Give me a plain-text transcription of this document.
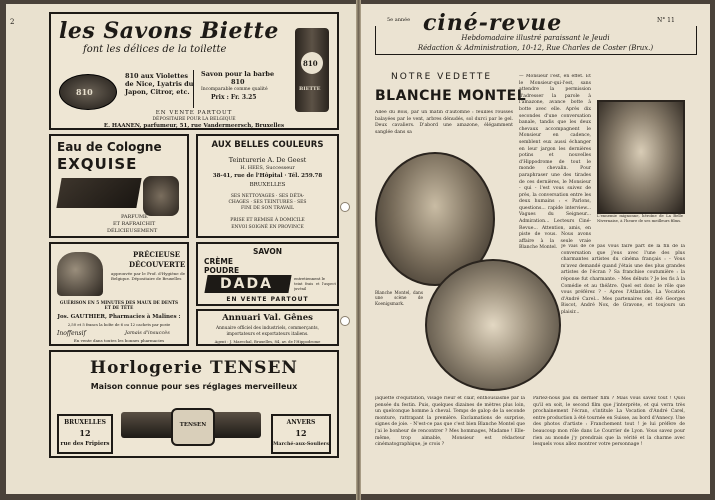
2 les Savons Biette
font les délices de la toilette
810
810 aux Violettes
de Nice, Lyatris du
Japon, Citror, etc.
Savon pour la barbe
810
Incomparable comme qualité
Prix : Fr. 3.25
810
BIETTE
EN VENTE PARTOUT
DÉPOSITAIRE POUR LA BELGIQUE
E. HAANEN, parfumeur, 51, rue Vandermeersch, Bruxelles
Eau de Cologne
EXQUISE
PARFUME
ET RAFRAICHIT
DÉLICIEUSEMENT
AUX BELLES COULEURS
Teinturerie A. De Geest
H. HEES, Successeur
38-41, rue de l'Hôpital · Tél. 259.78
BRUXELLES
SES NETTOYAGES · SES DÉTA-
CHAGES · SES TEINTURES · SES
FINI DE SON TRAVAIL
PRISE ET REMISE À DOMICILE
ENVOI SOIGNÉ EN PROVINCE
PRÉCIEUSE
DÉCOUVERTE
approuvée par le Prof. d'Hygiène de Belgique. Dépositaire de Bruxelles
GUÉRISON EN 5 MINUTES DES MAUX DE DENTS ET DE TÊTE
Jos. GAUTHIER, Pharmacies à Malines :
2,50 et 5 francs la boîte de 6 ou 12 cachets par poste
Inoffensif	Jamais d'insuccès
En vente dans toutes les bonnes pharmacies
SAVON
CRÈME
POUDRE
DADA	entretiennent le
teint frais et l'aspect juvénil
EN VENTE PARTOUT
Annuari Val. Gênes
Annuaire officiel des industriels, commerçants,
importateurs et exportateurs italiens.
Agent : J. Marechal, Bruxelles, 84, av. de l'Hippodrome
Horlogerie TENSEN
Maison connue pour ses réglages merveilleux
BRUXELLES
12
rue des Fripiers
TENSEN	ANVERS
12
Marché-aux-Souliers
5e année ciné-revue	N° 11
Hebdomadaire illustré paraissant le Jeudi
Rédaction & Administration, 10-12, Rue Charles de Coster (Brux.)
NOTRE VEDETTE
BLANCHE MONTEL
Allée du Bois, par un matin d'automne : feuilles rousses balayées par le vent, arbres dénudés, sol durci par le gel. Deux cavaliers. D'abord une amazone, élégamment sanglée dans sa
— Monsieur l'est, en effet. Et le Monsieur-qui-l'est, sans attendre la permission d'adresser la parole à l'amazone, avance botte à botte avec elle. Après dix secondes d'une conversation banale, tandis que les deux chevaux accompagnent le Monsieur en cadence, semblent eux aussi échanger en leur jargon les dernières potins et nouvelles d'Hippodrome de tout le monde chevalin. Pour paraphraser une des tirades de ces dernières, le Monsieur - qui - l'est vous suivez de près, la conversation entre les deux humains : « Parlons, questions... rapide interview... Vagues du Seigneur... Admiration... Lecteurs Ciné-Revue... Attention, amis, en piste de vous. Nous avons affaire à la seule vraie Blanche Montel.
L'ennemie mignonne, héroïne de La Belle Nivernaise, à l'heure de ses meilleurs films.
Blanche Montel, dans une scène de Koenigsmark.
Je vais de ce pas vous faire part de la fin de la conversation que j'eus avec l'une des plus charmantes artistes du cinéma français : - Vous m'avez demandé quand j'étais une des plus grandes artistes de l'écran ? Sa franchise coutumière : la réponse fut charmante. - Mes débuts ? Je les fis à la Comédie et au théâtre. Quel est donc le rôle que vous préférez ? - Apres l'Atlantide, La Vocation d'André Carel... Mes partenaires ont été Georges Biscot, André Nox, de Gravone, et toujours un plaisir...
jaquette d'équitation, visage rieur et clair, enthousiasmé par la pensée du festin. Puis, quelques dizaines de mètres plus loin, un quelconque homme à cheval. Temps de galop de la seconde monture, rattrapant la première. Exclamations de surprise, signes de joie. - N'est-ce pas que c'est bien Blanche Montel que j'ai le bonheur de rencontrer ? Mes hommages, Madame ! Elle-même, trop aimable, Monsieur est rédacteur cinématographique, je crois ?
Parlez-nous pas du dernier film ? Mais vous savez tout ! Quoi qu'il en soit, le second film que j'interprète, et qui verra très prochainement l'écran, s'intitule La Vocation d'André Carel, entre production à été tournée en Suisse, au bord d'Annecy. Une des photos d'artiste : Franchement tout ! je lui préfère de beaucoup mon rôle dans Le Courrier de Lyon. Vous savez pour rien au monde j'y prendrais que la vérité et la charme avec lesquels vous allez montrer votre personnage !
